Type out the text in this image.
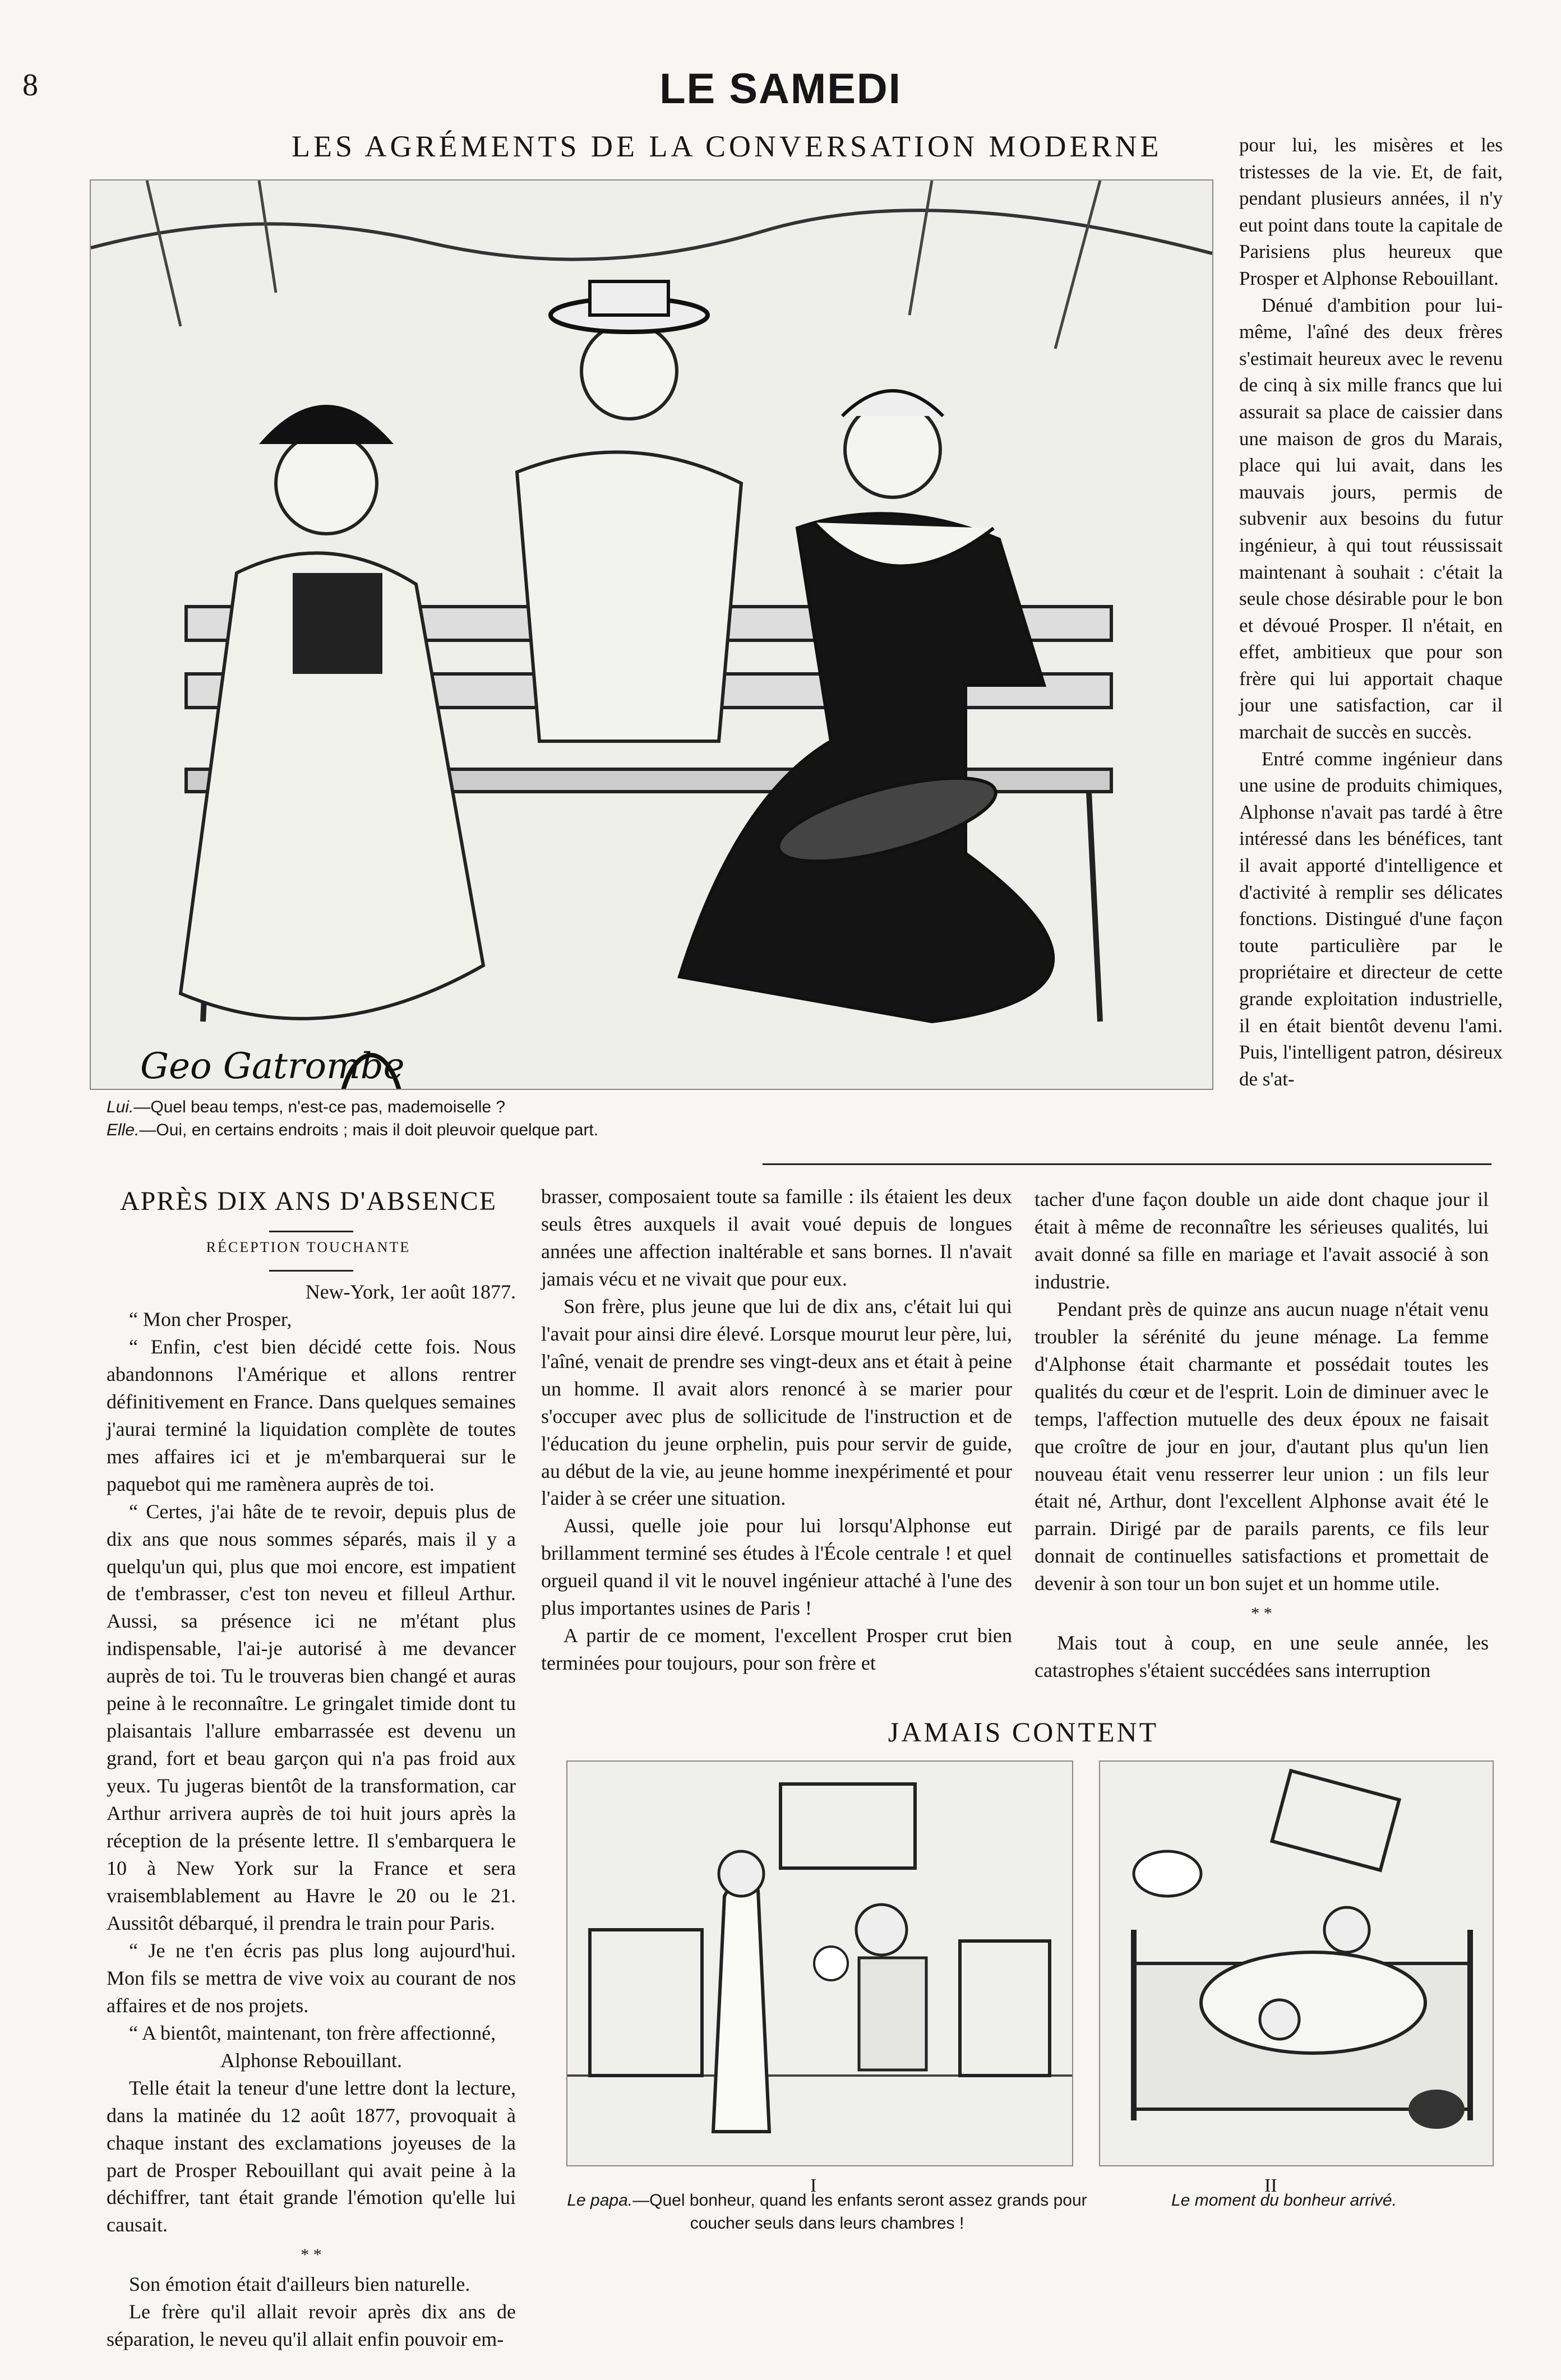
8	LE SAMEDI
LES AGRÉMENTS DE LA CONVERSATION MODERNE
Geo Gatrombe
Lui.—Quel beau temps, n'est-ce pas, mademoiselle ?
Elle.—Oui, en certains endroits ; mais il doit pleuvoir quelque part.

pour lui, les misères et les tristesses de la vie. Et, de fait, pendant plusieurs années, il n'y eut point dans toute la capitale de Parisiens plus heureux que Prosper et Alphonse Rebouillant.

Dénué d'ambition pour lui-même, l'aîné des deux frères s'estimait heureux avec le revenu de cinq à six mille francs que lui assurait sa place de caissier dans une maison de gros du Marais, place qui lui avait, dans les mauvais jours, permis de subvenir aux besoins du futur ingénieur, à qui tout réussissait maintenant à souhait : c'était la seule chose désirable pour le bon et dévoué Prosper. Il n'était, en effet, ambitieux que pour son frère qui lui apportait chaque jour une satisfaction, car il marchait de succès en succès.

Entré comme ingénieur dans une usine de produits chimiques, Alphonse n'avait pas tardé à être intéressé dans les bénéfices, tant il avait apporté d'intelligence et d'activité à remplir ses délicates fonctions. Distingué d'une façon toute particulière par le propriétaire et directeur de cette grande exploitation industrielle, il en était bientôt devenu l'ami. Puis, l'intelligent patron, désireux de s'at-

APRÈS DIX ANS D'ABSENCE
RÉCEPTION TOUCHANTE

New-York, 1er août 1877.

“ Mon cher Prosper,

“ Enfin, c'est bien décidé cette fois. Nous abandonnons l'Amérique et allons rentrer définitivement en France. Dans quelques semaines j'aurai terminé la liquidation complète de toutes mes affaires ici et je m'embarquerai sur le paquebot qui me ramènera auprès de toi.

“ Certes, j'ai hâte de te revoir, depuis plus de dix ans que nous sommes séparés, mais il y a quelqu'un qui, plus que moi encore, est impatient de t'embrasser, c'est ton neveu et filleul Arthur. Aussi, sa présence ici ne m'étant plus indispensable, l'ai-je autorisé à me devancer auprès de toi. Tu le trouveras bien changé et auras peine à le reconnaître. Le gringalet timide dont tu plaisantais l'allure embarrassée est devenu un grand, fort et beau garçon qui n'a pas froid aux yeux. Tu jugeras bientôt de la transformation, car Arthur arrivera auprès de toi huit jours après la réception de la présente lettre. Il s'embarquera le 10 à New York sur la France et sera vraisemblablement au Havre le 20 ou le 21. Aussitôt débarqué, il prendra le train pour Paris.

“ Je ne t'en écris pas plus long aujourd'hui. Mon fils se mettra de vive voix au courant de nos affaires et de nos projets.

“ A bientôt, maintenant, ton frère affectionné,

Alphonse Rebouillant.

Telle était la teneur d'une lettre dont la lecture, dans la matinée du 12 août 1877, provoquait à chaque instant des exclamations joyeuses de la part de Prosper Rebouillant qui avait peine à la déchiffrer, tant était grande l'émotion qu'elle lui causait.

* *

Son émotion était d'ailleurs bien naturelle.

Le frère qu'il allait revoir après dix ans de séparation, le neveu qu'il allait enfin pouvoir em-

brasser, composaient toute sa famille : ils étaient les deux seuls êtres auxquels il avait voué depuis de longues années une affection inaltérable et sans bornes. Il n'avait jamais vécu et ne vivait que pour eux.

Son frère, plus jeune que lui de dix ans, c'était lui qui l'avait pour ainsi dire élevé. Lorsque mourut leur père, lui, l'aîné, venait de prendre ses vingt-deux ans et était à peine un homme. Il avait alors renoncé à se marier pour s'occuper avec plus de sollicitude de l'instruction et de l'éducation du jeune orphelin, puis pour servir de guide, au début de la vie, au jeune homme inexpérimenté et pour l'aider à se créer une situation.

Aussi, quelle joie pour lui lorsqu'Alphonse eut brillamment terminé ses études à l'École centrale ! et quel orgueil quand il vit le nouvel ingénieur attaché à l'une des plus importantes usines de Paris !

A partir de ce moment, l'excellent Prosper crut bien terminées pour toujours, pour son frère et

tacher d'une façon double un aide dont chaque jour il était à même de reconnaître les sérieuses qualités, lui avait donné sa fille en mariage et l'avait associé à son industrie.

Pendant près de quinze ans aucun nuage n'était venu troubler la sérénité du jeune ménage. La femme d'Alphonse était charmante et possédait toutes les qualités du cœur et de l'esprit. Loin de diminuer avec le temps, l'affection mutuelle des deux époux ne faisait que croître de jour en jour, d'autant plus qu'un lien nouveau était venu resserrer leur union : un fils leur était né, Arthur, dont l'excellent Alphonse avait été le parrain. Dirigé par de parails parents, ce fils leur donnait de continuelles satisfactions et promettait de devenir à son tour un bon sujet et un homme utile.

* *

Mais tout à coup, en une seule année, les catastrophes s'étaient succédées sans interruption

JAMAIS CONTENT
I	II
Le papa.—Quel bonheur, quand les enfants seront assez grands pour coucher seuls dans leurs chambres !
Le moment du bonheur arrivé.
